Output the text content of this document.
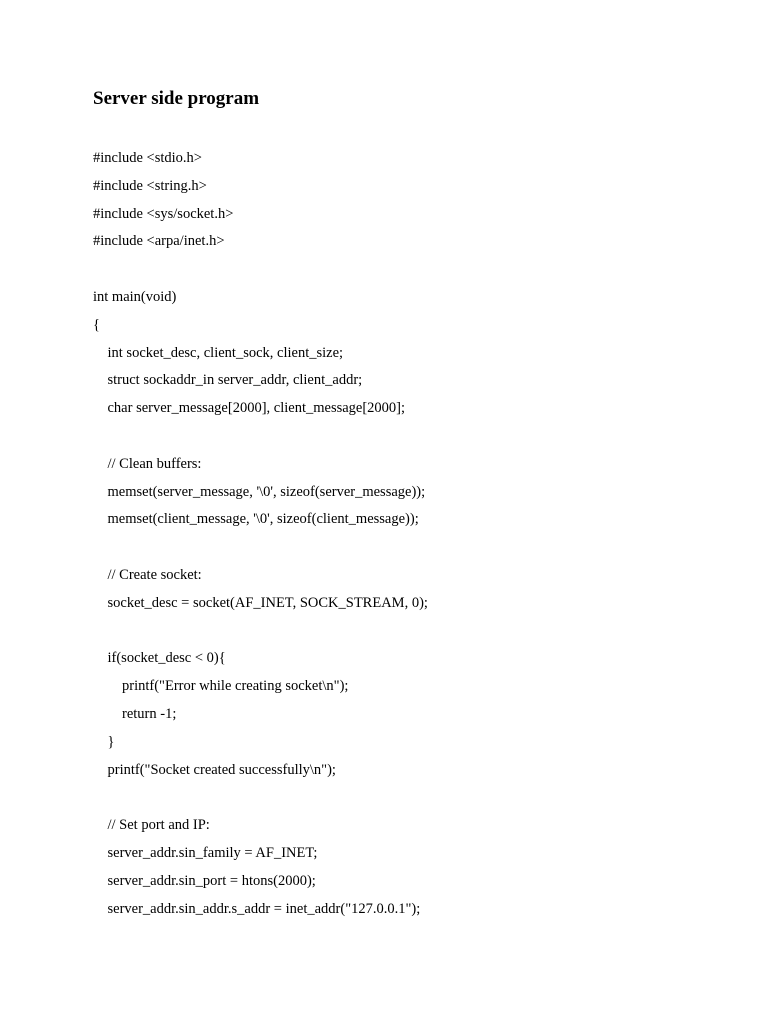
Server side program
#include <stdio.h>
#include <string.h>
#include <sys/socket.h>
#include <arpa/inet.h>
int main(void)
{
int socket_desc, client_sock, client_size;
struct sockaddr_in server_addr, client_addr;
char server_message[2000], client_message[2000];
// Clean buffers:
memset(server_message, '\0', sizeof(server_message));
memset(client_message, '\0', sizeof(client_message));
// Create socket:
socket_desc = socket(AF_INET, SOCK_STREAM, 0);
if(socket_desc < 0){
printf("Error while creating socket\n");
return -1;
}
printf("Socket created successfully\n");
// Set port and IP:
server_addr.sin_family = AF_INET;
server_addr.sin_port = htons(2000);
server_addr.sin_addr.s_addr = inet_addr("127.0.0.1");
